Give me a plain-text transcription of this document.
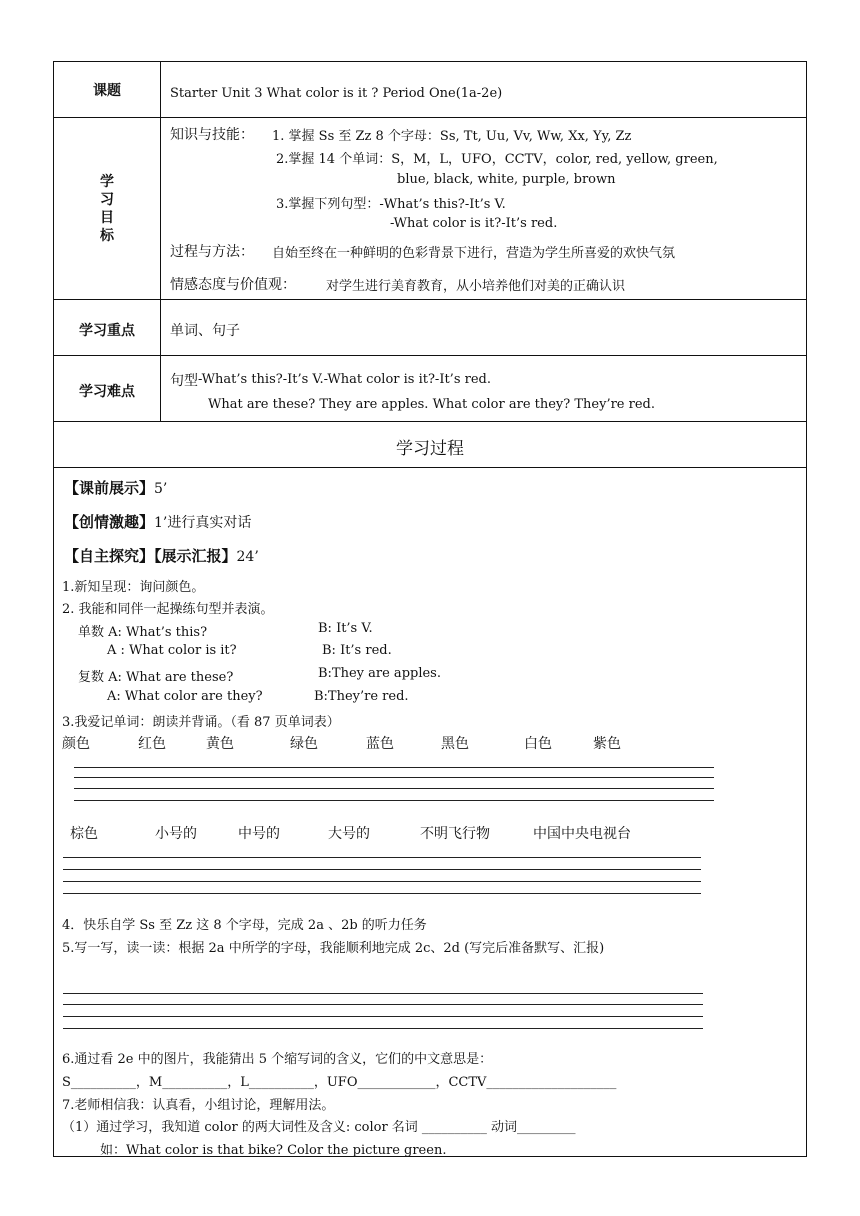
课题	Starter Unit 3 What color is it ? Period One(1a-2e)
学
习
目
标
知识与技能： 1. 掌握 Ss 至 Zz 8 个字母：Ss, Tt, Uu, Vv, Ww, Xx, Yy, Zz
2.掌握 14 个单词：S，M，L，UFO，CCTV，color, red, yellow, green,
blue, black, white, purple, brown
3.掌握下列句型：-What’s this?-It’s V.
-What color is it?-It’s red.
过程与方法： 自始至终在一种鲜明的色彩背景下进行，营造为学生所喜爱的欢快气氛
情感态度与价值观： 对学生进行美育教育，从小培养他们对美的正确认识
学习重点	单词、句子
学习难点
句型 -What’s this?-It’s V.-What color is it?-It’s red.
What are these? They are apples. What color are they? They’re red.
学习过程
【课前展示】5’
【创情激趣】1’进行真实对话
【自主探究】【展示汇报】24’
1.新知呈现：询问颜色。
2. 我能和同伴一起操练句型并表演。
单数 A: What’s this?	B: It’s V.
A : What color is it?	B: It’s red.
复数 A: What are these?	B:They are apples.
A: What color are they?	B:They’re red.
3.我爱记单词：朗读并背诵。（看 87 页单词表）
颜色	红色	黄色	绿色	蓝色	黑色	白色	紫色
棕色	小号的	中号的	大号的	不明飞行物	中国中央电视台
4．快乐自学 Ss 至 Zz 这 8 个字母，完成 2a 、2b 的听力任务
5.写一写，读一读：根据 2a 中所学的字母，我能顺利地完成 2c、2d (写完后准备默写、汇报)
6.通过看 2e 中的图片，我能猜出 5 个缩写词的含义，它们的中文意思是：
S__________，M__________，L__________，UFO____________，CCTV____________________
7.老师相信我：认真看，小组讨论，理解用法。
（1）通过学习，我知道 color 的两大词性及含义: color 名词 __________ 动词_________
如：What color is that bike? Color the picture green.
